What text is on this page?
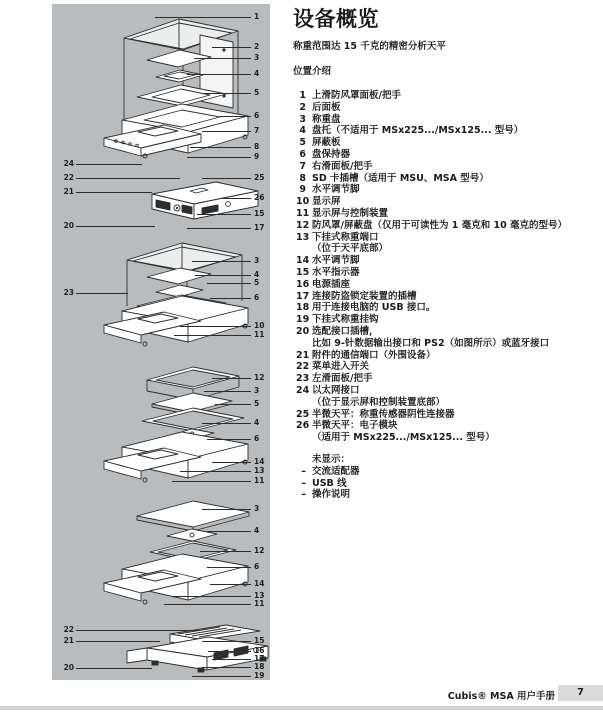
1
2
3
4
5
6
7
8
9
24
22	25
21
26
15
20	17
3
4
5
23
6
10
11
12
3
5
4
6
14
13
11
3
4
12
6
14
13
11
22
21	15
16
17
18
20
19
设备概览

称重范围达 15 千克的精密分析天平

位置介绍

1 上滑防风罩面板/把手
2 后面板
3 称重盘
4 盘托（不适用于 MSx225.../MSx125... 型号）
5 屏蔽板
6 盘保持器
7 右滑面板/把手
8 SD 卡插槽（适用于 MSU、MSA 型号）
9 水平调节脚
10 显示屏
11 显示屏与控制装置
12 防风罩/屏蔽盘（仅用于可读性为 1 毫克和 10 毫克的型号）
13 下挂式称重端口
（位于天平底部）
14 水平调节脚
15 水平指示器
16 电源插座
17 连接防盗锁定装置的插槽
18 用于连接电脑的 USB 接口。
19 下挂式称重挂钩
20 选配接口插槽，
比如 9-针数据输出接口和 PS2（如图所示）或蓝牙接口
21 附件的通信端口（外围设备）
22 菜单进入开关
23 左滑面板/把手
24 以太网接口
（位于显示屏和控制装置底部）
25 半微天平：称重传感器阴性连接器
26 半微天平：电子模块
（适用于 MSx225.../MSx125... 型号）
未显示：
– 交流适配器
– USB 线
– 操作说明
Cubis® MSA 用户手册	7
